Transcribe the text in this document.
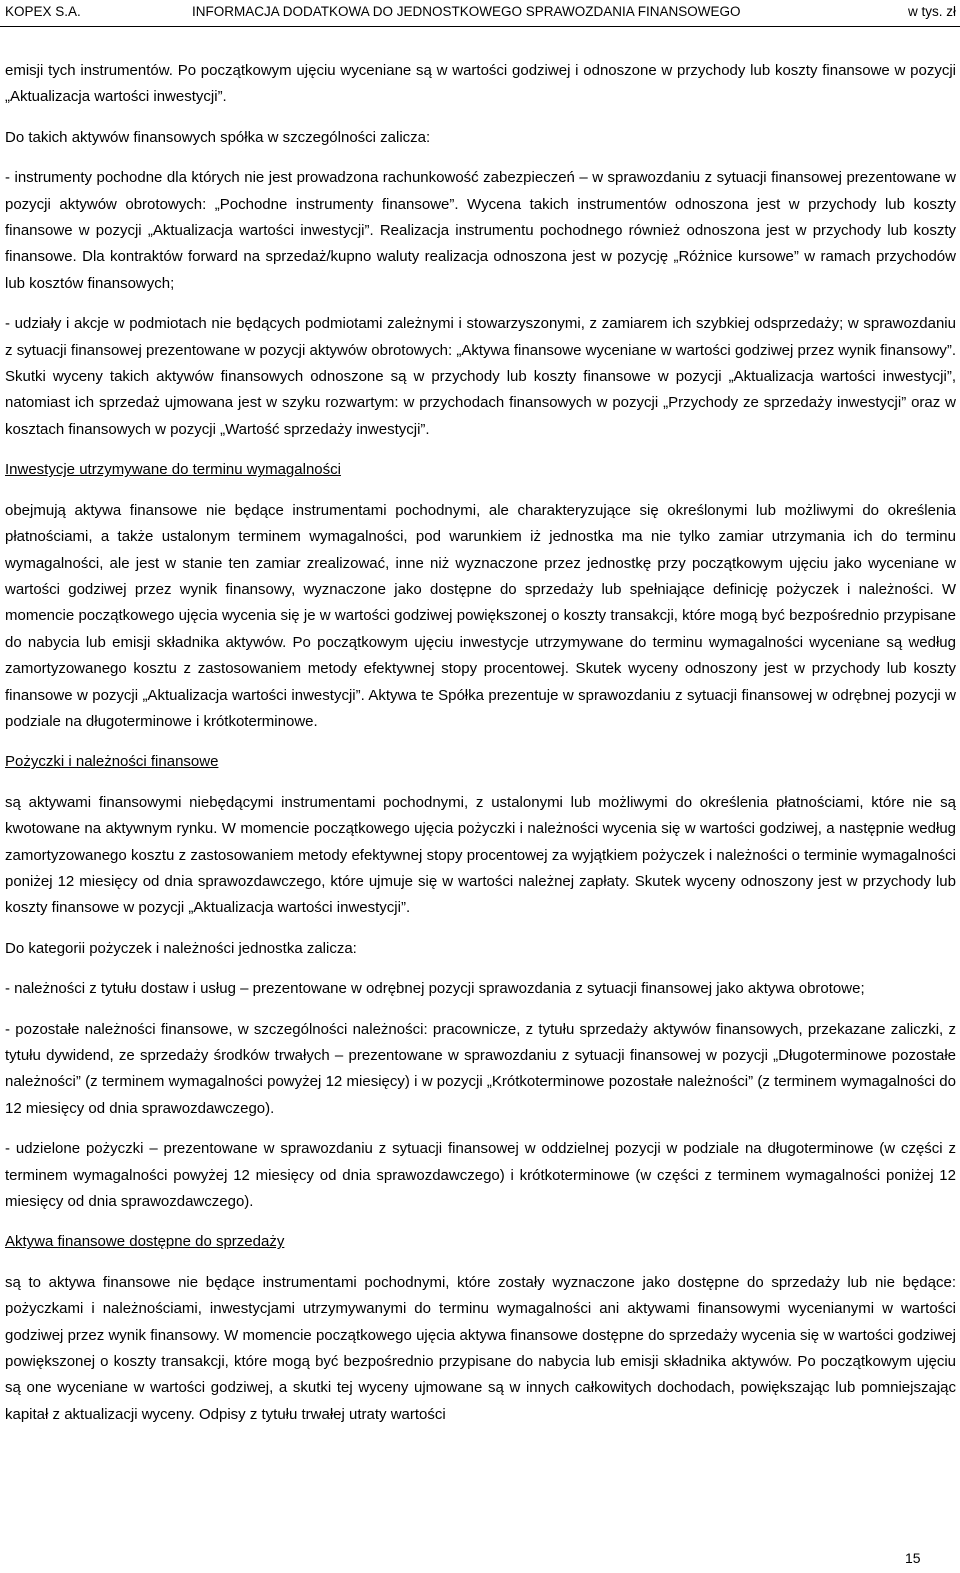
KOPEX S.A.	INFORMACJA DODATKOWA DO JEDNOSTKOWEGO SPRAWOZDANIA FINANSOWEGO	w tys. zł

emisji tych instrumentów. Po początkowym ujęciu wyceniane są w wartości godziwej i odnoszone w przychody lub koszty finansowe w pozycji „Aktualizacja wartości inwestycji”.

Do takich aktywów finansowych spółka w szczególności zalicza:

- instrumenty pochodne dla których nie jest prowadzona rachunkowość zabezpieczeń – w sprawozdaniu z sytuacji finansowej prezentowane w pozycji aktywów obrotowych: „Pochodne instrumenty finansowe”. Wycena takich instrumentów odnoszona jest w przychody lub koszty finansowe w pozycji „Aktualizacja wartości inwestycji”. Realizacja instrumentu pochodnego również odnoszona jest w przychody lub koszty finansowe. Dla kontraktów forward na sprzedaż/kupno waluty realizacja odnoszona jest w pozycję „Różnice kursowe” w ramach przychodów lub kosztów finansowych;

- udziały i akcje w podmiotach nie będących podmiotami zależnymi i stowarzyszonymi, z zamiarem ich szybkiej odsprzedaży; w sprawozdaniu z sytuacji finansowej prezentowane w pozycji aktywów obrotowych: „Aktywa finansowe wyceniane w wartości godziwej przez wynik finansowy”. Skutki wyceny takich aktywów finansowych odnoszone są w przychody lub koszty finansowe w pozycji „Aktualizacja wartości inwestycji”, natomiast ich sprzedaż ujmowana jest w szyku rozwartym: w przychodach finansowych w pozycji „Przychody ze sprzedaży inwestycji” oraz w kosztach finansowych w pozycji „Wartość sprzedaży inwestycji”.

Inwestycje utrzymywane do terminu wymagalności

obejmują aktywa finansowe nie będące instrumentami pochodnymi, ale charakteryzujące się określonymi lub możliwymi do określenia płatnościami, a także ustalonym terminem wymagalności, pod warunkiem iż jednostka ma nie tylko zamiar utrzymania ich do terminu wymagalności, ale jest w stanie ten zamiar zrealizować, inne niż wyznaczone przez jednostkę przy początkowym ujęciu jako wyceniane w wartości godziwej przez wynik finansowy, wyznaczone jako dostępne do sprzedaży lub spełniające definicję pożyczek i należności. W momencie początkowego ujęcia wycenia się je w wartości godziwej powiększonej o koszty transakcji, które mogą być bezpośrednio przypisane do nabycia lub emisji składnika aktywów. Po początkowym ujęciu inwestycje utrzymywane do terminu wymagalności wyceniane są według zamortyzowanego kosztu z zastosowaniem metody efektywnej stopy procentowej. Skutek wyceny odnoszony jest w przychody lub koszty finansowe w pozycji „Aktualizacja wartości inwestycji”. Aktywa te Spółka prezentuje w sprawozdaniu z sytuacji finansowej w odrębnej pozycji w podziale na długoterminowe i krótkoterminowe.

Pożyczki i należności finansowe

są aktywami finansowymi niebędącymi instrumentami pochodnymi, z ustalonymi lub możliwymi do określenia płatnościami, które nie są kwotowane na aktywnym rynku. W momencie początkowego ujęcia pożyczki i należności wycenia się w wartości godziwej, a następnie według zamortyzowanego kosztu z zastosowaniem metody efektywnej stopy procentowej za wyjątkiem pożyczek i należności o terminie wymagalności poniżej 12 miesięcy od dnia sprawozdawczego, które ujmuje się w wartości należnej zapłaty. Skutek wyceny odnoszony jest w przychody lub koszty finansowe w pozycji „Aktualizacja wartości inwestycji”.

Do kategorii pożyczek i należności jednostka zalicza:

- należności z tytułu dostaw i usług – prezentowane w odrębnej pozycji sprawozdania z sytuacji finansowej jako aktywa obrotowe;

- pozostałe należności finansowe, w szczególności należności: pracownicze, z tytułu sprzedaży aktywów finansowych, przekazane zaliczki, z tytułu dywidend, ze sprzedaży środków trwałych – prezentowane w sprawozdaniu z sytuacji finansowej w pozycji „Długoterminowe pozostałe należności” (z terminem wymagalności powyżej 12 miesięcy) i w pozycji „Krótkoterminowe pozostałe należności” (z terminem wymagalności do 12 miesięcy od dnia sprawozdawczego).

- udzielone pożyczki – prezentowane w sprawozdaniu z sytuacji finansowej w oddzielnej pozycji w podziale na długoterminowe (w części z terminem wymagalności powyżej 12 miesięcy od dnia sprawozdawczego) i krótkoterminowe (w części z terminem wymagalności poniżej 12 miesięcy od dnia sprawozdawczego).

Aktywa finansowe dostępne do sprzedaży

są to aktywa finansowe nie będące instrumentami pochodnymi, które zostały wyznaczone jako dostępne do sprzedaży lub nie będące: pożyczkami i należnościami, inwestycjami utrzymywanymi do terminu wymagalności ani aktywami finansowymi wycenianymi w wartości godziwej przez wynik finansowy. W momencie początkowego ujęcia aktywa finansowe dostępne do sprzedaży wycenia się w wartości godziwej powiększonej o koszty transakcji, które mogą być bezpośrednio przypisane do nabycia lub emisji składnika aktywów. Po początkowym ujęciu są one wyceniane w wartości godziwej, a skutki tej wyceny ujmowane są w innych całkowitych dochodach, powiększając lub pomniejszając kapitał z aktualizacji wyceny. Odpisy z tytułu trwałej utraty wartości

15
